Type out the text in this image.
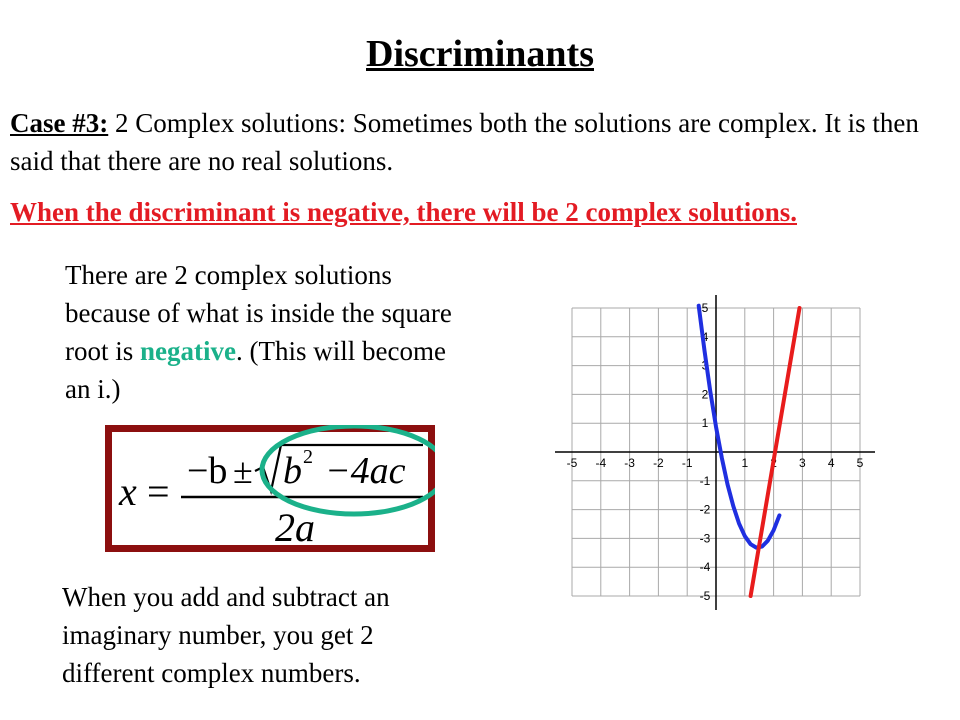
Discriminants

Case #3: 2 Complex solutions: Sometimes both the solutions are complex. It is then said that there are no real solutions.

When the discriminant is negative, there will be 2 complex solutions.

There are 2 complex solutions because of what is inside the square root is negative. (This will become an i.)

x = −b ± b 2 −4ac
2a

When you add and subtract an imaginary number, you get 2 different complex numbers.

-5 -4 -3 -2 -1	1 2 3 4 5
5
4
3
2
1
-1
-2
-3
-4
-5
